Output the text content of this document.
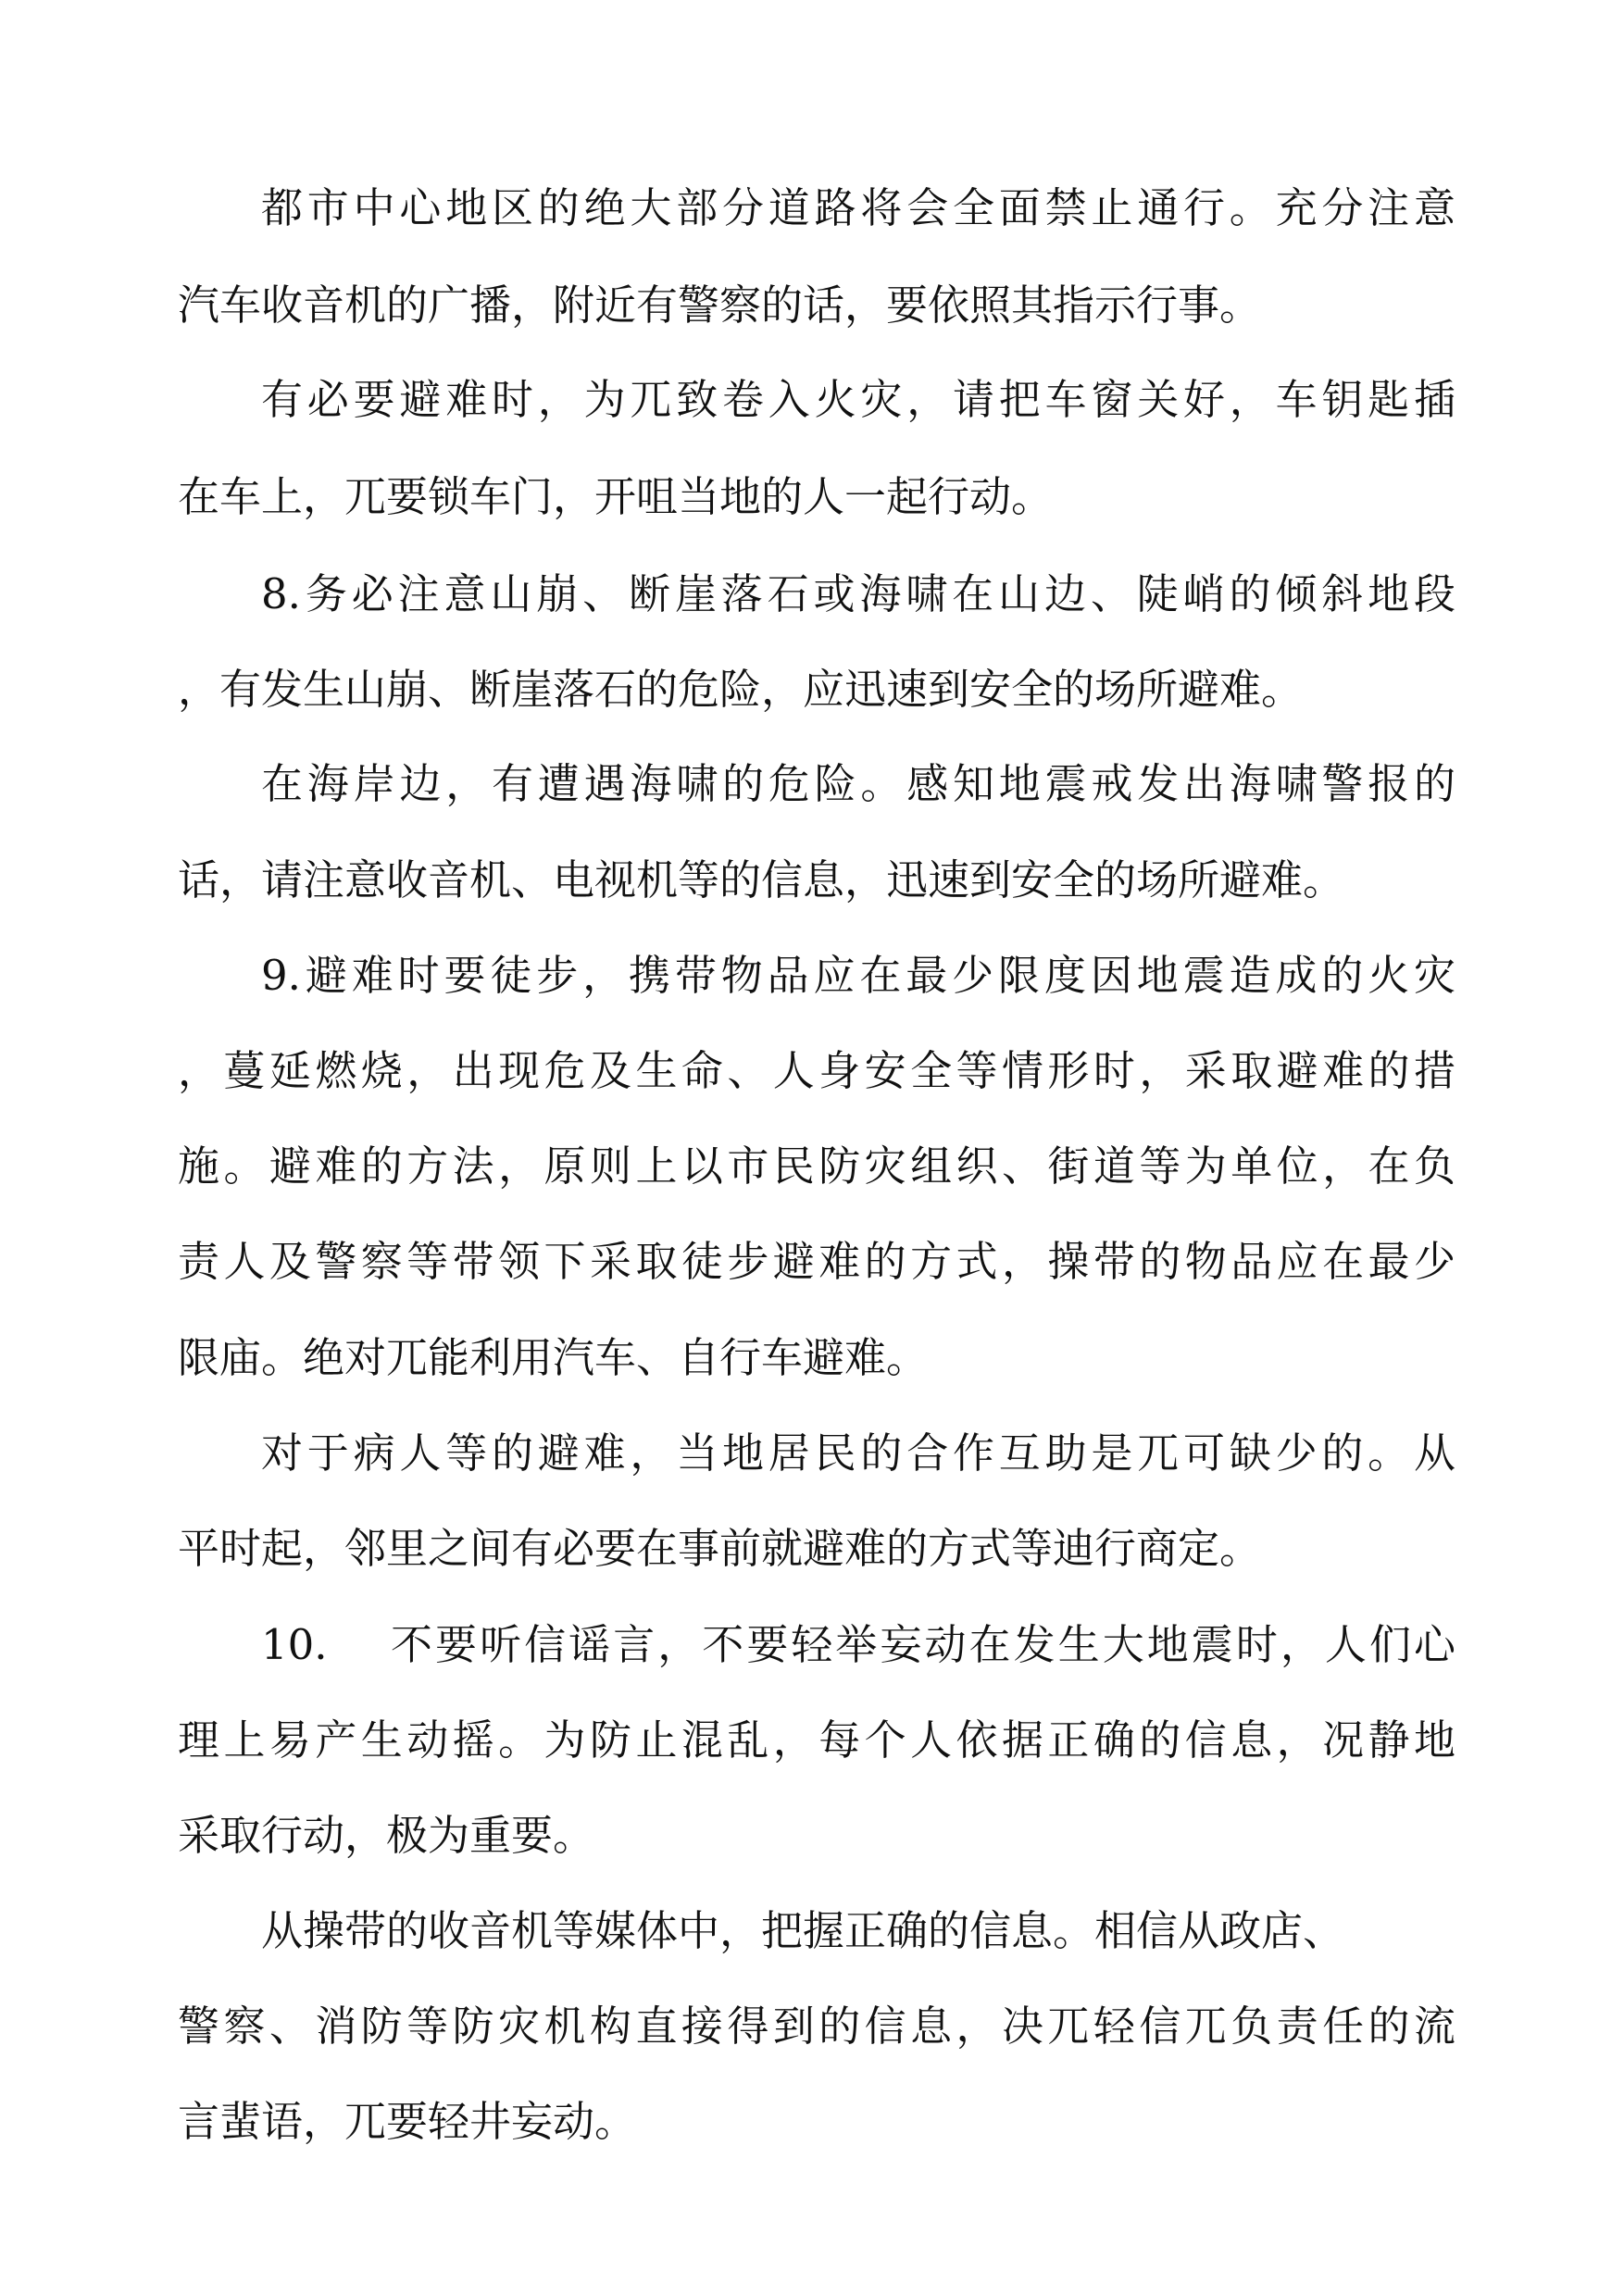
都市中心地区的绝大部分道路将会全面禁止通行。充分注意
汽车收音机的广播，附近有警察的话，要依照其指示行事。
有必要避难时，为兀致卷入火灾，请把车窗关好，车钥匙插
在车上，兀要锁车门，开咀当地的人一起行动。
8.务必注意山崩、断崖落石或海啸在山边、陡峭的倾斜地段
，有发生山崩、断崖落石的危险，应迅速到安全的场所避难。
在海岸边，有遭遇海啸的危险。感知地震戒发出海啸警报的
话，请注意收音机、电视机等的信息，迅速到安全的场所避难。
9.避难时要徒步，携带物品应在最少限度因地震造成的火灾
，蔓延燃烧，出现危及生命、人身安全等情形时，采取避难的措
施。避难的方法，原则上以市民防灾组织、街道等为单位，在负
责人及警察等带领下采取徒步避难的方式，操带的物品应在最少
限庙。绝对兀能利用汽车、自行车避难。
对于病人等的避难，当地居民的合作互助是兀可缺少的。从
平时起，邻里之间有必要在事前就避难的方式等迪行商定。
10.　 不要听信谣言，不要轻举妄动在发生大地震时，人们心
理上易产生动摇。为防止混乱，每个人依据正确的信息，况静地
采取行动，极为重要。
从操带的收音机等媒体中，把握正确的信息。相信从政店、
警察、消防等防灾机构直接得到的信息，决兀轻信兀负责任的流
言蜚语，兀要轻井妄动。
